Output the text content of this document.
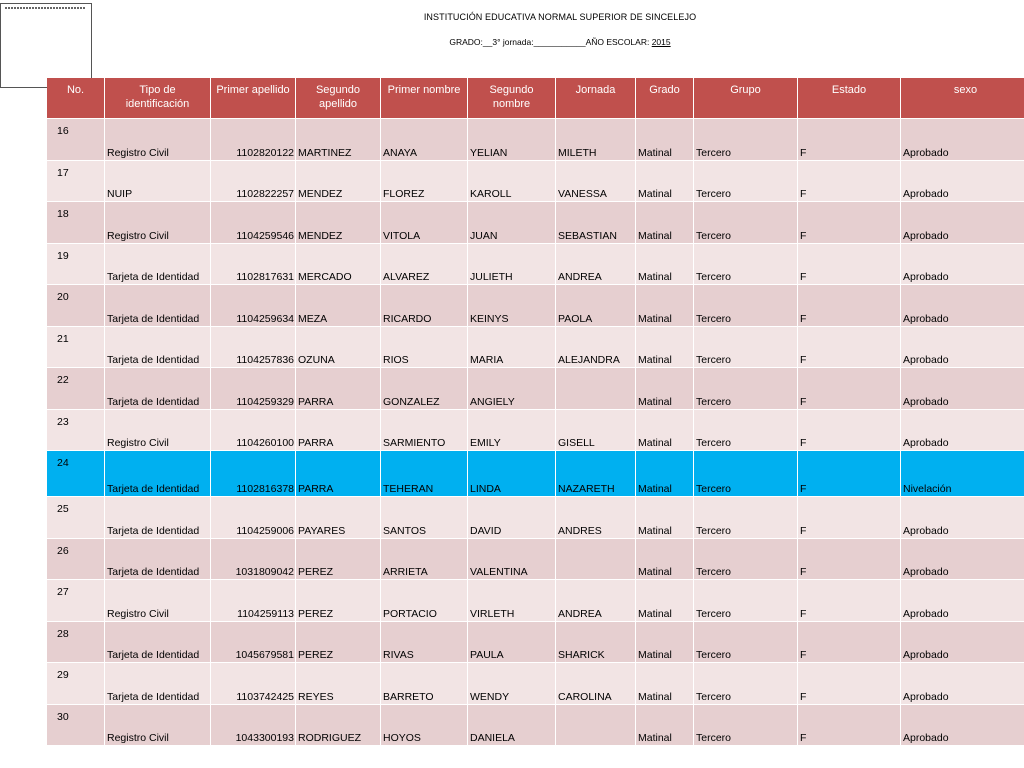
INSTITUCIÓN EDUCATIVA NORMAL SUPERIOR DE SINCELEJO
GRADO:__3° jornada:___________AÑO ESCOLAR: 2015
No.	Tipo de identificación	Primer apellido	Segundo apellido	Primer nombre	Segundo nombre	Jornada	Grado	Grupo	Estado	sexo
16	Registro Civil	1102820122	MARTINEZ	ANAYA	YELIAN	MILETH	Matinal	Tercero	F	Aprobado
17	NUIP	1102822257	MENDEZ	FLOREZ	KAROLL	VANESSA	Matinal	Tercero	F	Aprobado
18	Registro Civil	1104259546	MENDEZ	VITOLA	JUAN	SEBASTIAN	Matinal	Tercero	F	Aprobado
19	Tarjeta de Identidad	1102817631	MERCADO	ALVAREZ	JULIETH	ANDREA	Matinal	Tercero	F	Aprobado
20	Tarjeta de Identidad	1104259634	MEZA	RICARDO	KEINYS	PAOLA	Matinal	Tercero	F	Aprobado
21	Tarjeta de Identidad	1104257836	OZUNA	RIOS	MARIA	ALEJANDRA	Matinal	Tercero	F	Aprobado
22	Tarjeta de Identidad	1104259329	PARRA	GONZALEZ	ANGIELY		Matinal	Tercero	F	Aprobado
23	Registro Civil	1104260100	PARRA	SARMIENTO	EMILY	GISELL	Matinal	Tercero	F	Aprobado
24	Tarjeta de Identidad	1102816378	PARRA	TEHERAN	LINDA	NAZARETH	Matinal	Tercero	F	Nivelación
25	Tarjeta de Identidad	1104259006	PAYARES	SANTOS	DAVID	ANDRES	Matinal	Tercero	F	Aprobado
26	Tarjeta de Identidad	1031809042	PEREZ	ARRIETA	VALENTINA		Matinal	Tercero	F	Aprobado
27	Registro Civil	1104259113	PEREZ	PORTACIO	VIRLETH	ANDREA	Matinal	Tercero	F	Aprobado
28	Tarjeta de Identidad	1045679581	PEREZ	RIVAS	PAULA	SHARICK	Matinal	Tercero	F	Aprobado
29	Tarjeta de Identidad	1103742425	REYES	BARRETO	WENDY	CAROLINA	Matinal	Tercero	F	Aprobado
30	Registro Civil	1043300193	RODRIGUEZ	HOYOS	DANIELA		Matinal	Tercero	F	Aprobado
